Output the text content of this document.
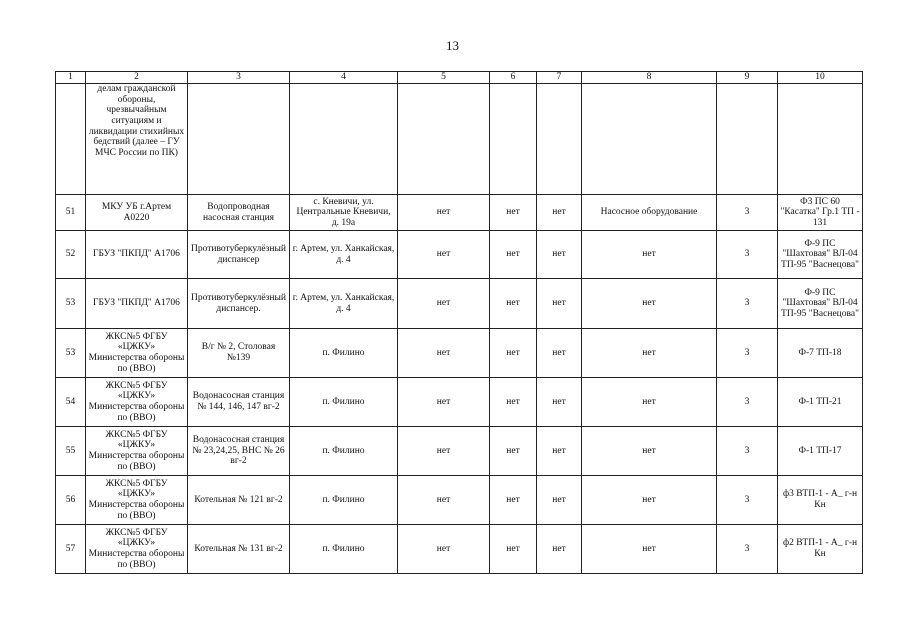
13
1	2	3	4	5	6	7	8	9	10
	делам гражданской обороны, чрезвычайным ситуациям и ликвидации стихийных бедствий (далее – ГУ МЧС России по ПК)								
51	МКУ УБ г.Артем А0220	Водопроводная насосная станция	с. Кневичи, ул. Центральные Кневичи, д. 19а	нет	нет	нет	Насосное оборудование	3	Ф3 ПС 60 "Касатка" Гр.1 ТП - 131
52	ГБУЗ "ПКПД" А1706	Противотуберкулёзный диспансер	г. Артем, ул. Ханкайская, д. 4	нет	нет	нет	нет	3	Ф-9 ПС "Шахтовая" ВЛ-04 ТП-95 "Васнецова"
53	ГБУЗ "ПКПД" А1706	Противотуберкулёзный диспансер.	г. Артем, ул. Ханкайская, д. 4	нет	нет	нет	нет	3	Ф-9 ПС "Шахтовая" ВЛ-04 ТП-95 "Васнецова"
53	ЖКС№5 ФГБУ «ЦЖКУ» Министерства обороны по (ВВО)	В/г № 2, Столовая №139	п. Филино	нет	нет	нет	нет	3	Ф-7 ТП-18
54	ЖКС№5 ФГБУ «ЦЖКУ» Министерства обороны по (ВВО)	Водонасосная станция № 144, 146, 147 вг-2	п. Филино	нет	нет	нет	нет	3	Ф-1 ТП-21
55	ЖКС№5 ФГБУ «ЦЖКУ» Министерства обороны по (ВВО)	Водонасосная станция № 23,24,25, ВНС № 26 вг-2	п. Филино	нет	нет	нет	нет	3	Ф-1 ТП-17
56	ЖКС№5 ФГБУ «ЦЖКУ» Министерства обороны по (ВВО)	Котельная № 121 вг-2	п. Филино	нет	нет	нет	нет	3	ф3 ВТП-1 - А_ г-н Кн
57	ЖКС№5 ФГБУ «ЦЖКУ» Министерства обороны по (ВВО)	Котельная № 131 вг-2	п. Филино	нет	нет	нет	нет	3	ф2 ВТП-1 - А_ г-н Кн
